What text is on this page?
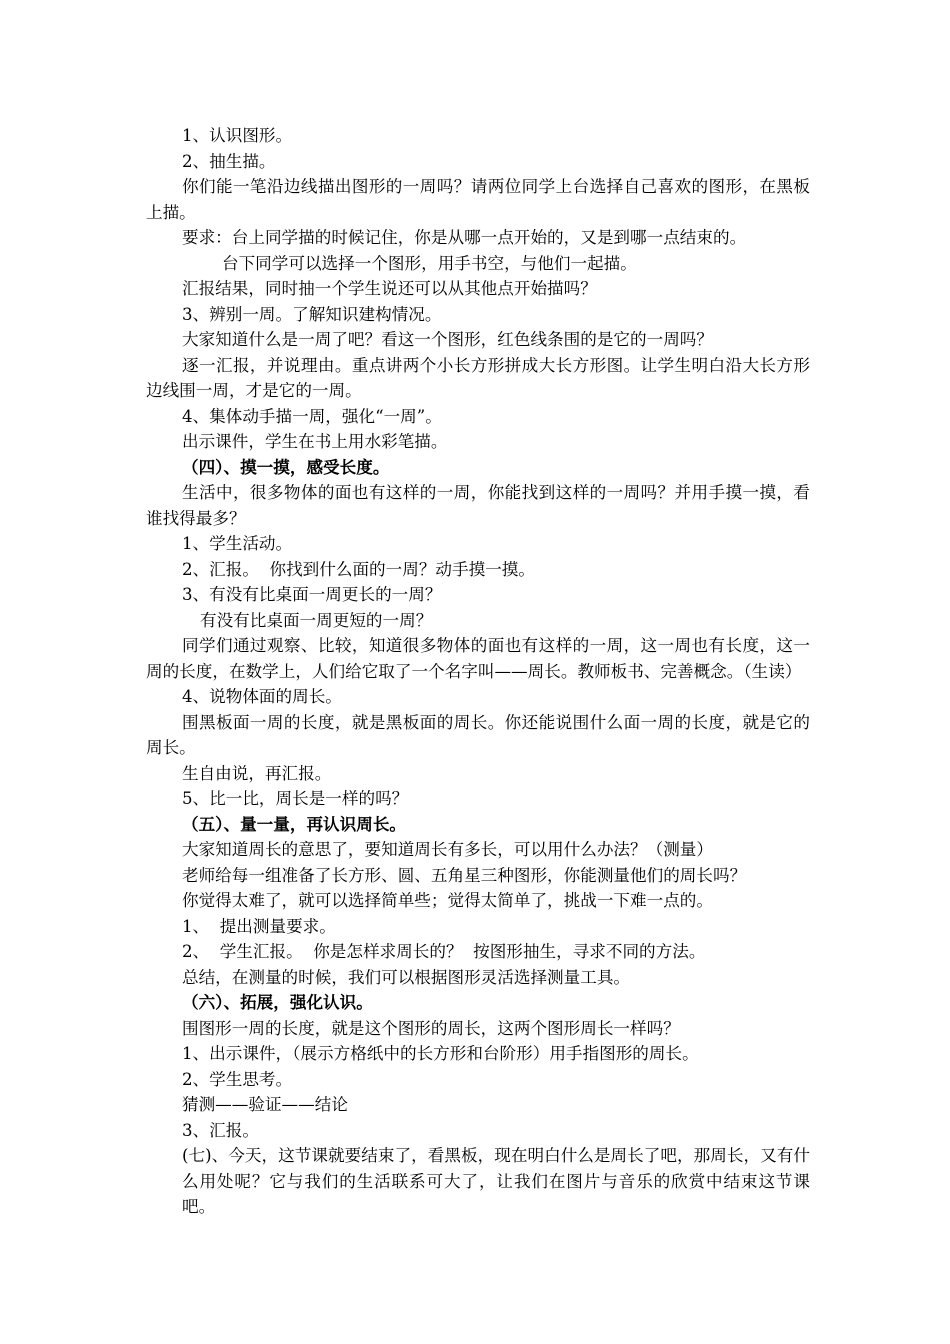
1、认识图形。

2、抽生描。

你们能一笔沿边线描出图形的一周吗？请两位同学上台选择自己喜欢的图形，在黑板上描。

要求：台上同学描的时候记住，你是从哪一点开始的，又是到哪一点结束的。

台下同学可以选择一个图形，用手书空，与他们一起描。

汇报结果，同时抽一个学生说还可以从其他点开始描吗？

3、辨别一周。了解知识建构情况。

大家知道什么是一周了吧？看这一个图形，红色线条围的是它的一周吗？

逐一汇报，并说理由。重点讲两个小长方形拼成大长方形图。让学生明白沿大长方形边线围一周，才是它的一周。

4、集体动手描一周，强化“一周”。

出示课件，学生在书上用水彩笔描。

（四）、摸一摸，感受长度。

生活中，很多物体的面也有这样的一周，你能找到这样的一周吗？并用手摸一摸，看谁找得最多？

1、学生活动。

2、汇报。  你找到什么面的一周？动手摸一摸。

3、有没有比桌面一周更长的一周？

有没有比桌面一周更短的一周？

同学们通过观察、比较，知道很多物体的面也有这样的一周，这一周也有长度，这一周的长度，在数学上，人们给它取了一个名字叫——周长。教师板书、完善概念。（生读）

4、说物体面的周长。

围黑板面一周的长度，就是黑板面的周长。你还能说围什么面一周的长度，就是它的周长。

生自由说，再汇报。

5、比一比，周长是一样的吗？

（五）、量一量，再认识周长。

大家知道周长的意思了，要知道周长有多长，可以用什么办法？（测量）

老师给每一组准备了长方形、圆、五角星三种图形，你能测量他们的周长吗？

你觉得太难了，就可以选择简单些；觉得太简单了，挑战一下难一点的。

1、  提出测量要求。

2、  学生汇报。  你是怎样求周长的？  按图形抽生，寻求不同的方法。

总结，在测量的时候，我们可以根据图形灵活选择测量工具。

（六）、拓展，强化认识。

围图形一周的长度，就是这个图形的周长，这两个图形周长一样吗？

1、出示课件，（展示方格纸中的长方形和台阶形）用手指图形的周长。

2、学生思考。

猜测——验证——结论

3、汇报。

(七)、今天，这节课就要结束了，看黑板，现在明白什么是周长了吧，那周长，又有什么用处呢？它与我们的生活联系可大了，让我们在图片与音乐的欣赏中结束这节课吧。
